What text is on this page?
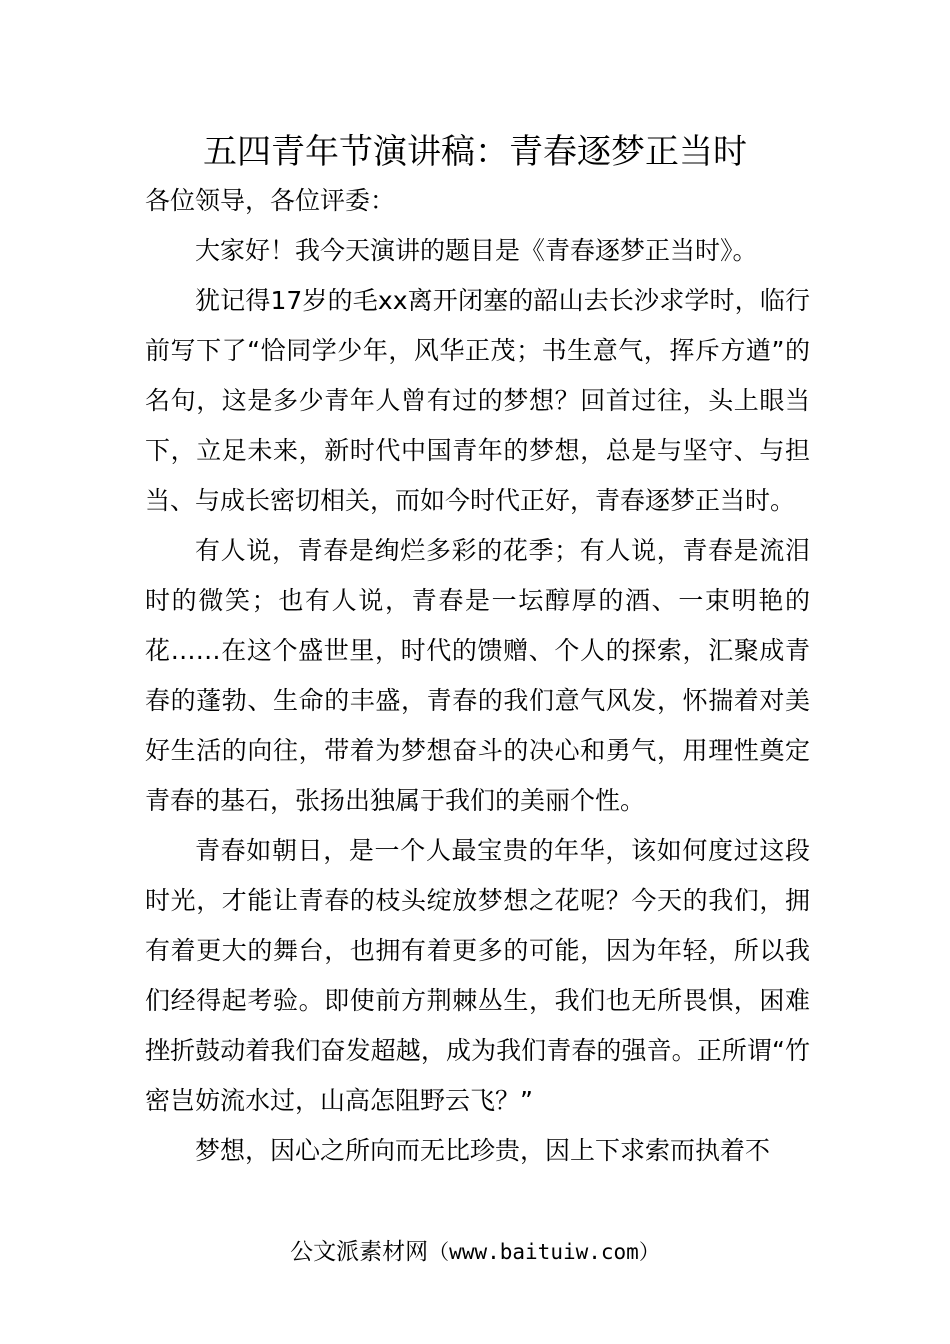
五四青年节演讲稿：青春逐梦正当时

各位领导，各位评委：

大家好！我今天演讲的题目是《青春逐梦正当时》。

犹记得17岁的毛xx离开闭塞的韶山去长沙求学时，临行前写下了“恰同学少年，风华正茂；书生意气，挥斥方遒”的名句，这是多少青年人曾有过的梦想？回首过往，头上眼当下，立足未来，新时代中国青年的梦想，总是与坚守、与担当、与成长密切相关，而如今时代正好，青春逐梦正当时。

有人说，青春是绚烂多彩的花季；有人说，青春是流泪时的微笑；也有人说，青春是一坛醇厚的酒、一束明艳的花……在这个盛世里，时代的馈赠、个人的探索，汇聚成青春的蓬勃、生命的丰盛，青春的我们意气风发，怀揣着对美好生活的向往，带着为梦想奋斗的决心和勇气，用理性奠定青春的基石，张扬出独属于我们的美丽个性。

青春如朝日，是一个人最宝贵的年华，该如何度过这段时光，才能让青春的枝头绽放梦想之花呢？今天的我们，拥有着更大的舞台，也拥有着更多的可能，因为年轻，所以我们经得起考验。即使前方荆棘丛生，我们也无所畏惧，困难挫折鼓动着我们奋发超越，成为我们青春的强音。正所谓“竹密岂妨流水过，山高怎阻野云飞？”

梦想，因心之所向而无比珍贵，因上下求索而执着不

公文派素材网（www.baituiw.com）
